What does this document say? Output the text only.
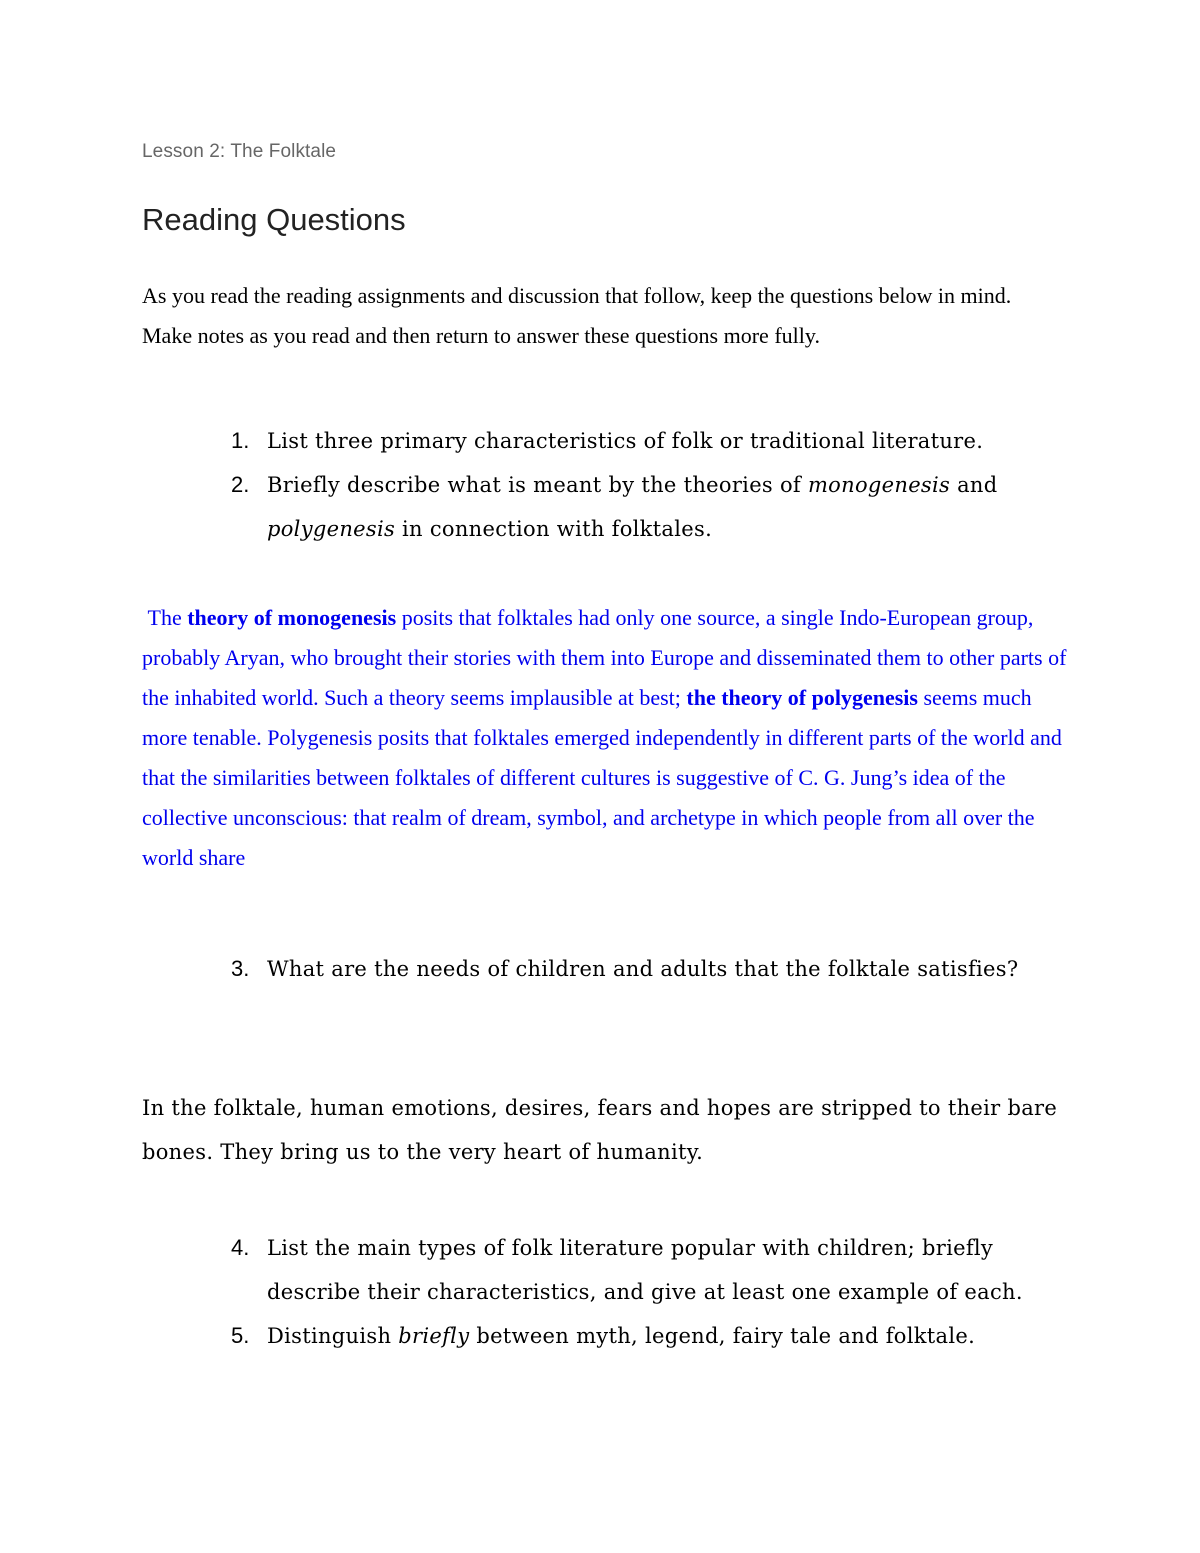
Lesson 2: The Folktale
Reading Questions

As you read the reading assignments and discussion that follow, keep the questions below in mind. Make notes as you read and then return to answer these questions more fully.

1. List three primary characteristics of folk or traditional literature.
2. Briefly describe what is meant by the theories of monogenesis and polygenesis in connection with folktales.

The theory of monogenesis posits that folktales had only one source, a single Indo-European group, probably Aryan, who brought their stories with them into Europe and disseminated them to other parts of the inhabited world. Such a theory seems implausible at best; the theory of polygenesis seems much more tenable. Polygenesis posits that folktales emerged independently in different parts of the world and that the similarities between folktales of different cultures is suggestive of C. G. Jung’s idea of the collective unconscious: that realm of dream, symbol, and archetype in which people from all over the world share

3. What are the needs of children and adults that the folktale satisfies?

In the folktale, human emotions, desires, fears and hopes are stripped to their bare bones. They bring us to the very heart of humanity.

4. List the main types of folk literature popular with children; briefly describe their characteristics, and give at least one example of each.
5. Distinguish briefly between myth, legend, fairy tale and folktale.
